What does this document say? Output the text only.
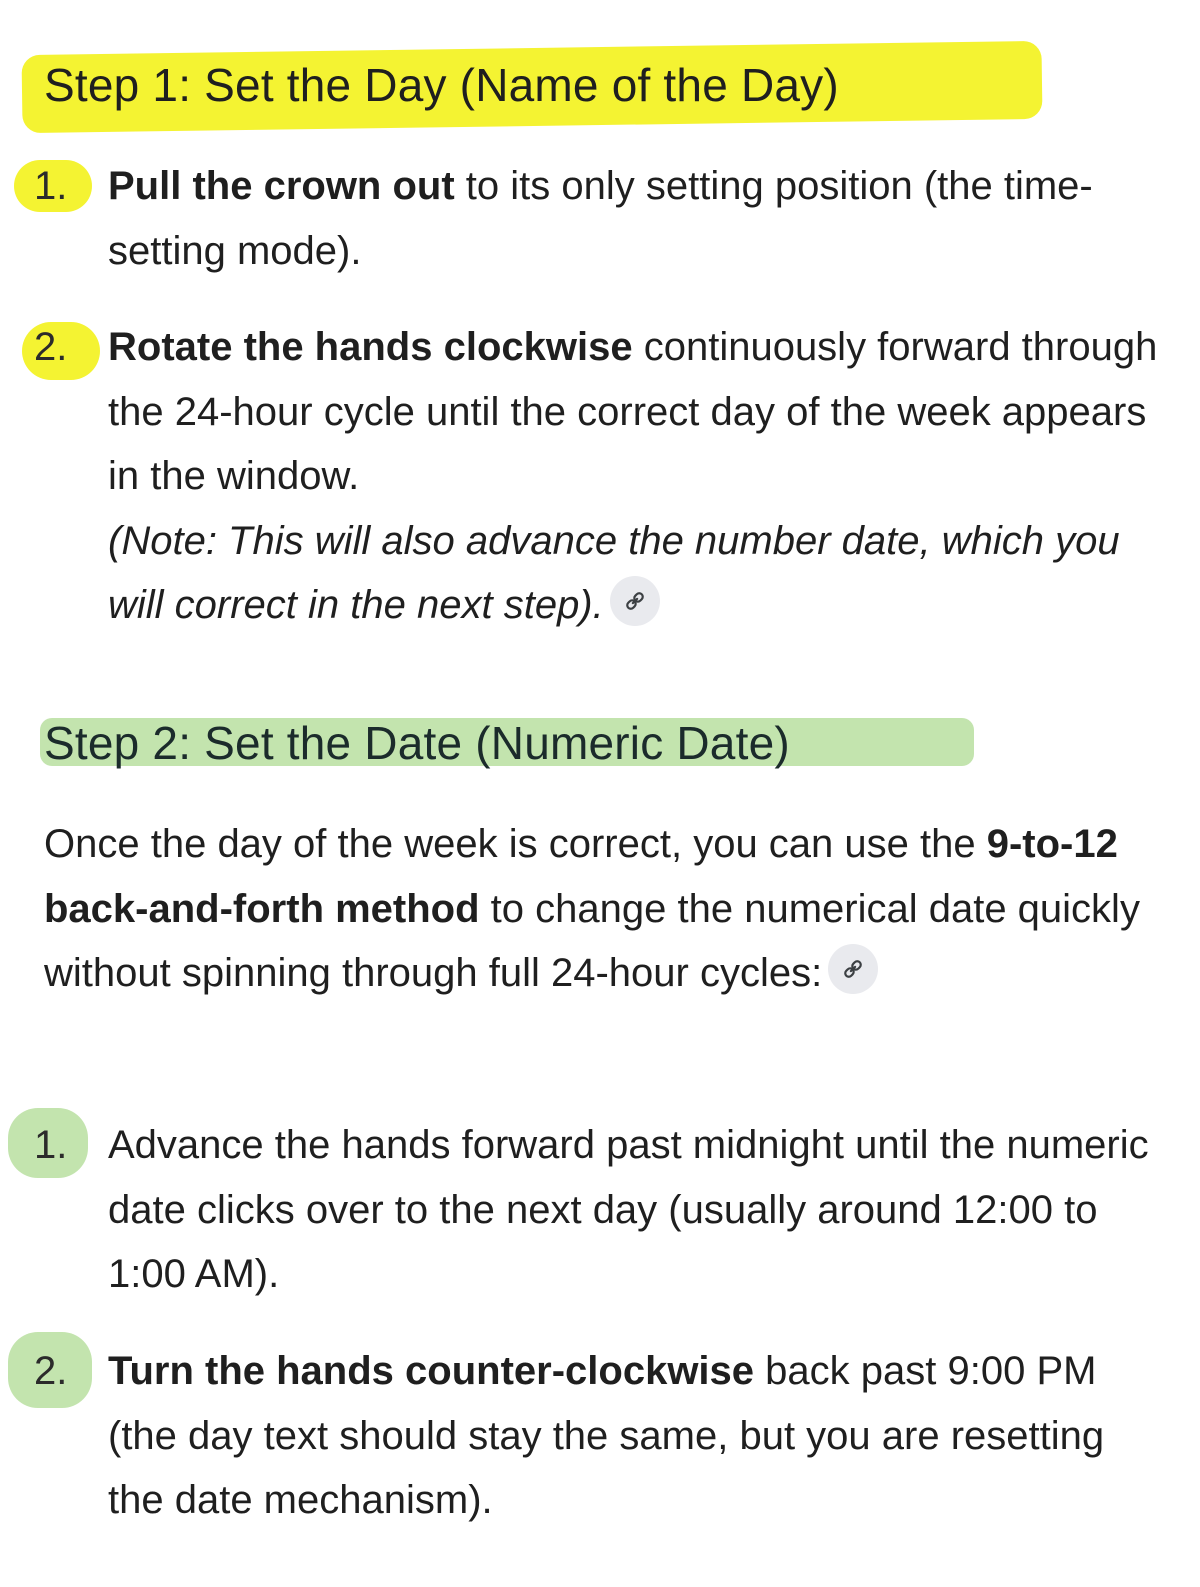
Step 1: Set the Day (Name of the Day)
1. Pull the crown out to its only setting position (the time-setting mode).
2. Rotate the hands clockwise continuously forward through the 24-hour cycle until the correct day of the week appears in the window.
(Note: This will also advance the number date, which you will correct in the next step).
Step 2: Set the Date (Numeric Date)
Once the day of the week is correct, you can use the 9-to-12 back-and-forth method to change the numerical date quickly without spinning through full 24-hour cycles:
1. Advance the hands forward past midnight until the numeric date clicks over to the next day (usually around 12:00 to 1:00 AM).
2. Turn the hands counter-clockwise back past 9:00 PM (the day text should stay the same, but you are resetting the date mechanism).
